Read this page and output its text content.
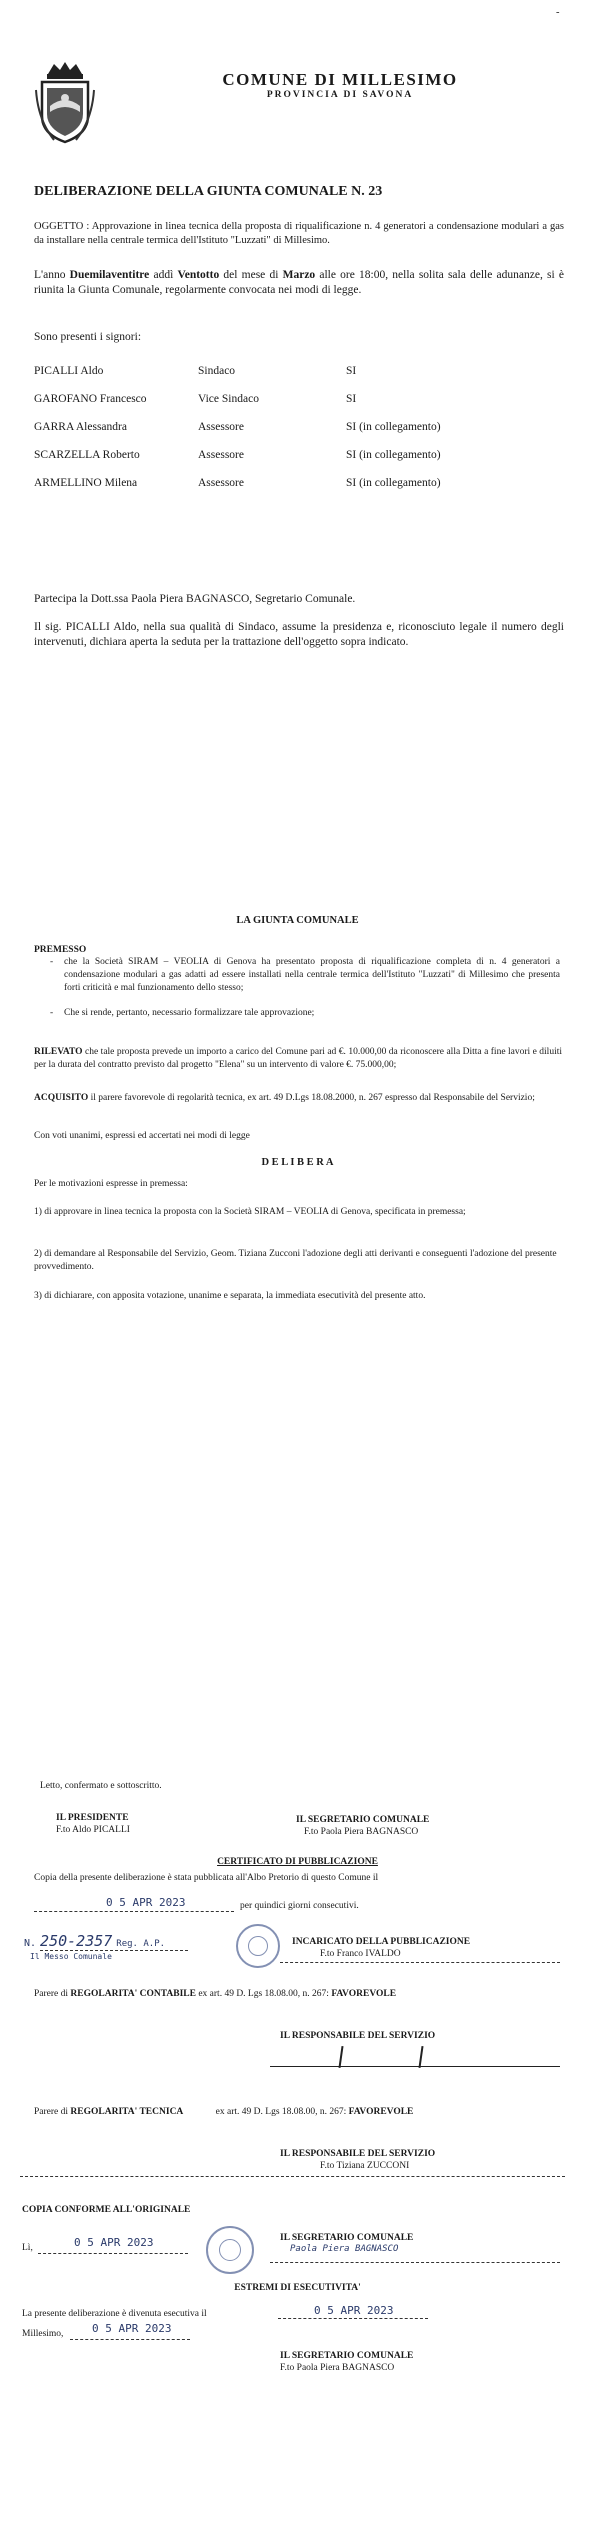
-
COMUNE DI MILLESIMO
PROVINCIA DI SAVONA
DELIBERAZIONE DELLA GIUNTA COMUNALE N. 23
OGGETTO : Approvazione in linea tecnica della proposta di riqualificazione n. 4 generatori a condensazione modulari a gas da installare nella centrale termica dell'Istituto "Luzzati" di Millesimo.
L'anno Duemilaventitre addì Ventotto del mese di Marzo alle ore 18:00, nella solita sala delle adunanze, si è riunita la Giunta Comunale, regolarmente convocata nei modi di legge.
Sono presenti i signori:
PICALLI Aldo	Sindaco	SI
GAROFANO Francesco	Vice Sindaco	SI
GARRA Alessandra	Assessore	SI (in collegamento)
SCARZELLA Roberto	Assessore	SI (in collegamento)
ARMELLINO Milena	Assessore	SI (in collegamento)
Partecipa la Dott.ssa Paola Piera BAGNASCO, Segretario Comunale.
Il sig. PICALLI Aldo, nella sua qualità di Sindaco, assume la presidenza e, riconosciuto legale il numero degli intervenuti, dichiara aperta la seduta per la trattazione dell'oggetto sopra indicato.
LA GIUNTA COMUNALE
PREMESSO
-	che la Società SIRAM – VEOLIA di Genova ha presentato proposta di riqualificazione completa di n. 4 generatori a condensazione modulari a gas adatti ad essere installati nella centrale termica dell'Istituto "Luzzati" di Millesimo che presenta forti criticità e mal funzionamento dello stesso;
-	Che si rende, pertanto, necessario formalizzare tale approvazione;
RILEVATO che tale proposta prevede un importo a carico del Comune pari ad €. 10.000,00 da riconoscere alla Ditta a fine lavori e diluiti per la durata del contratto previsto dal progetto "Elena" su un intervento di valore €. 75.000,00;
ACQUISITO il parere favorevole di regolarità tecnica, ex art. 49 D.Lgs 18.08.2000, n. 267 espresso dal Responsabile del Servizio;
Con voti unanimi, espressi ed accertati nei modi di legge
D E L I B E R A
Per le motivazioni espresse in premessa:
1) di approvare in linea tecnica la proposta con la Società SIRAM – VEOLIA di Genova, specificata in premessa;
2) di demandare al Responsabile del Servizio, Geom. Tiziana Zucconi l'adozione degli atti derivanti e conseguenti l'adozione del presente provvedimento.
3) di dichiarare, con apposita votazione, unanime e separata, la immediata esecutività del presente atto.
Letto, confermato e sottoscritto.
IL PRESIDENTE
F.to Aldo PICALLI
IL SEGRETARIO COMUNALE
F.to Paola Piera BAGNASCO
CERTIFICATO DI PUBBLICAZIONE
Copia della presente deliberazione è stata pubblicata all'Albo Pretorio di questo Comune il
0 5 APR 2023	per quindici giorni consecutivi.
N. 250-2357 Reg. A.P.
Il Messo Comunale
INCARICATO DELLA PUBBLICAZIONE
F.to Franco IVALDO
Parere di REGOLARITA' CONTABILE ex art. 49 D. Lgs 18.08.00, n. 267: FAVOREVOLE
IL RESPONSABILE DEL SERVIZIO
Parere di REGOLARITA' TECNICA	ex art. 49 D. Lgs 18.08.00, n. 267: FAVOREVOLE
IL RESPONSABILE DEL SERVIZIO
F.to Tiziana ZUCCONI
COPIA CONFORME ALL'ORIGINALE
Lì,	0 5 APR 2023	IL SEGRETARIO COMUNALE
Paola Piera BAGNASCO
ESTREMI DI ESECUTIVITA'
La presente deliberazione è divenuta esecutiva il	0 5 APR 2023
Millesimo,	0 5 APR 2023
IL SEGRETARIO COMUNALE
F.to Paola Piera BAGNASCO
